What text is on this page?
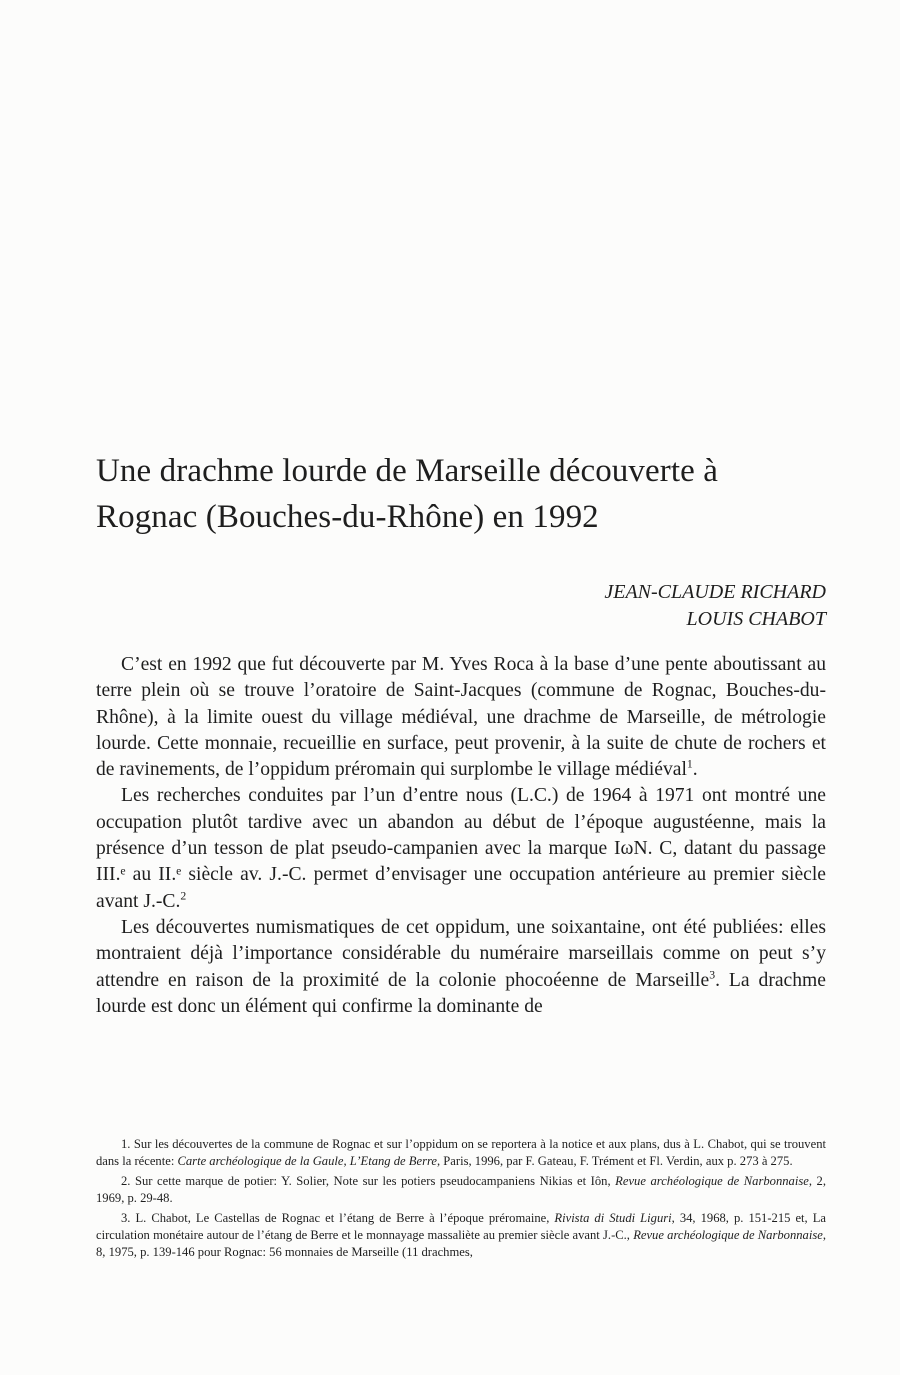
Une drachme lourde de Marseille découverte à
Rognac (Bouches-du-Rhône) en 1992
JEAN-CLAUDE RICHARD
LOUIS CHABOT

C’est en 1992 que fut découverte par M. Yves Roca à la base d’une pente aboutissant au terre plein où se trouve l’oratoire de Saint-Jacques (commune de Rognac, Bouches-du-Rhône), à la limite ouest du village médiéval, une drachme de Marseille, de métrologie lourde. Cette monnaie, recueillie en surface, peut provenir, à la suite de chute de rochers et de ravinements, de l’oppidum préromain qui surplombe le village médiéval$^1$.

Les recherches conduites par l’un d’entre nous (L.C.) de 1964 à 1971 ont montré une occupation plutôt tardive avec un abandon au début de l’époque augustéenne, mais la présence d’un tesson de plat pseudo-campanien avec la marque IωN. C, datant du passage III.ᵉ au II.ᵉ siècle av. J.-C. permet d’envisager une occupation antérieure au premier siècle avant J.-C.$^2$

Les découvertes numismatiques de cet oppidum, une soixantaine, ont été publiées: elles montraient déjà l’importance considérable du numéraire marseillais comme on peut s’y attendre en raison de la proximité de la colonie phocoéenne de Marseille$^3$. La drachme lourde est donc un élément qui confirme la dominante de

1. Sur les découvertes de la commune de Rognac et sur l’oppidum on se reportera à la notice et aux plans, dus à L. Chabot, qui se trouvent dans la récente: Carte archéologique de la Gaule, L’Etang de Berre, Paris, 1996, par F. Gateau, F. Trément et Fl. Verdin, aux p. 273 à 275.

2. Sur cette marque de potier: Y. Solier, Note sur les potiers pseudocampaniens Nikias et Iôn, Revue archéologique de Narbonnaise, 2, 1969, p. 29-48.

3. L. Chabot, Le Castellas de Rognac et l’étang de Berre à l’époque préromaine, Rivista di Studi Liguri, 34, 1968, p. 151-215 et, La circulation monétaire autour de l’étang de Berre et le monnayage massaliète au premier siècle avant J.-C., Revue archéologique de Narbonnaise, 8, 1975, p. 139-146 pour Rognac: 56 monnaies de Marseille (11 drachmes,
